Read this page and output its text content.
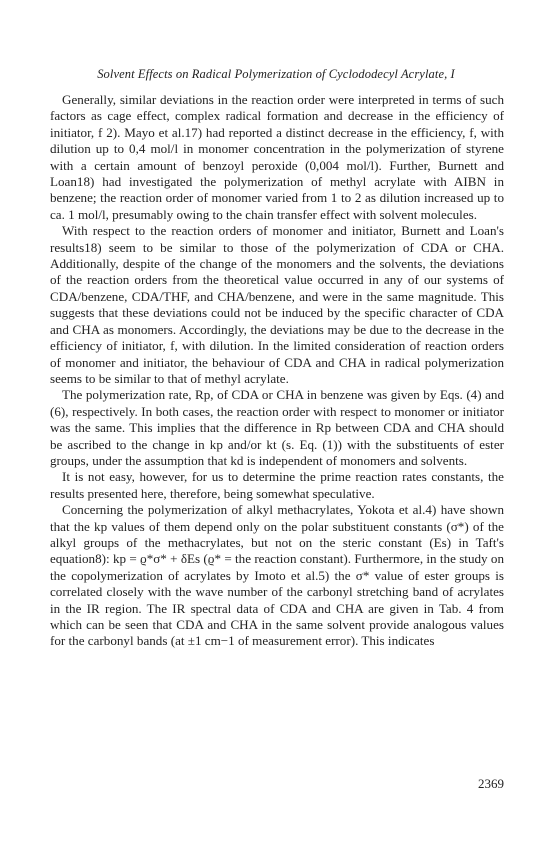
Solvent Effects on Radical Polymerization of Cyclododecyl Acrylate, I

Generally, similar deviations in the reaction order were interpreted in terms of such factors as cage effect, complex radical formation and decrease in the efficiency of initiator, f 2). Mayo et al.17) had reported a distinct decrease in the efficiency, f, with dilution up to 0,4 mol/l in monomer concentration in the polymerization of styrene with a certain amount of benzoyl peroxide (0,004 mol/l). Further, Burnett and Loan18) had investigated the polymerization of methyl acrylate with AIBN in benzene; the reaction order of monomer varied from 1 to 2 as dilution increased up to ca. 1 mol/l, presumably owing to the chain transfer effect with solvent molecules.

With respect to the reaction orders of monomer and initiator, Burnett and Loan's results18) seem to be similar to those of the polymerization of CDA or CHA. Additionally, despite of the change of the monomers and the solvents, the deviations of the reaction orders from the theoretical value occurred in any of our systems of CDA/benzene, CDA/THF, and CHA/benzene, and were in the same magnitude. This suggests that these deviations could not be induced by the specific character of CDA and CHA as monomers. Accordingly, the deviations may be due to the decrease in the efficiency of initiator, f, with dilution. In the limited consideration of reaction orders of monomer and initiator, the behaviour of CDA and CHA in radical polymerization seems to be similar to that of methyl acrylate.

The polymerization rate, Rp, of CDA or CHA in benzene was given by Eqs. (4) and (6), respectively. In both cases, the reaction order with respect to monomer or initiator was the same. This implies that the difference in Rp between CDA and CHA should be ascribed to the change in kp and/or kt (s. Eq. (1)) with the substituents of ester groups, under the assumption that kd is independent of monomers and solvents.

It is not easy, however, for us to determine the prime reaction rates constants, the results presented here, therefore, being somewhat speculative.

Concerning the polymerization of alkyl methacrylates, Yokota et al.4) have shown that the kp values of them depend only on the polar substituent constants (σ*) of the alkyl groups of the methacrylates, but not on the steric constant (Es) in Taft's equation8): kp = ϱ*σ* + δEs (ϱ* = the reaction constant). Furthermore, in the study on the copolymerization of acrylates by Imoto et al.5) the σ* value of ester groups is correlated closely with the wave number of the carbonyl stretching band of acrylates in the IR region. The IR spectral data of CDA and CHA are given in Tab. 4 from which can be seen that CDA and CHA in the same solvent provide analogous values for the carbonyl bands (at ±1 cm−1 of measurement error). This indicates

2369
